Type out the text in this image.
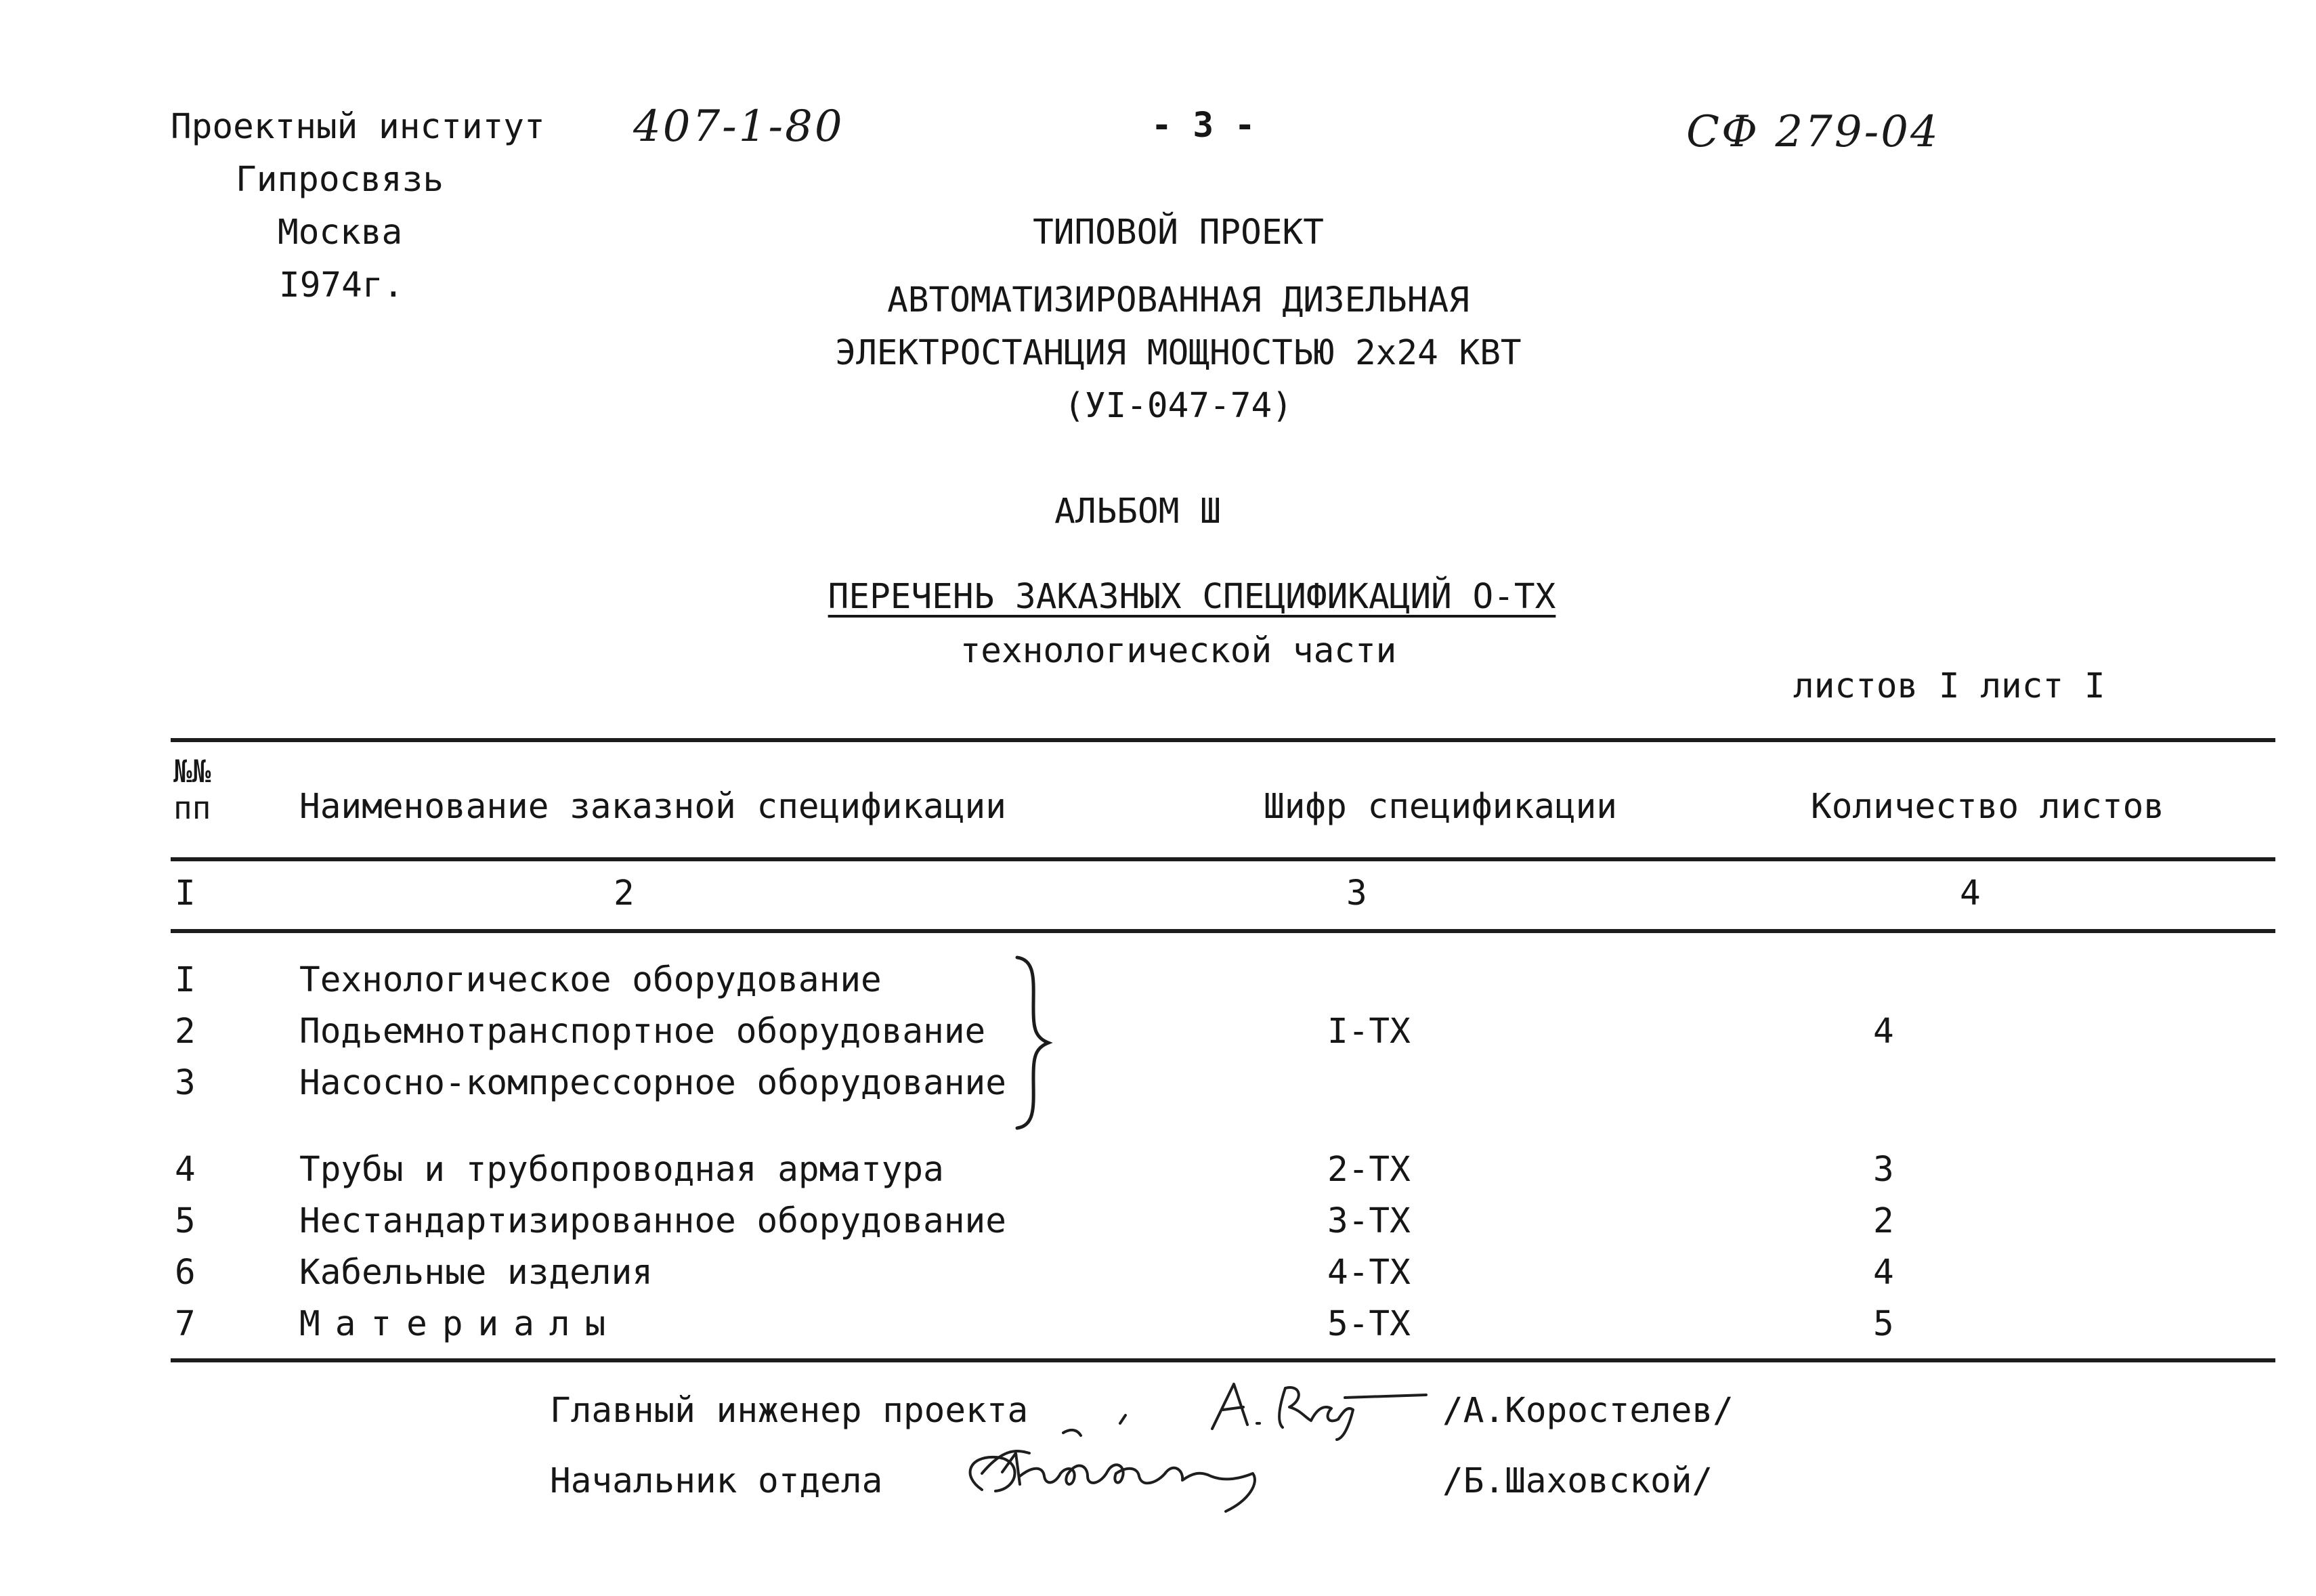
Проектный институт
Гипросвязь
Москва
I974г.
407-1-80	- 3 -	СФ 279-04
ТИПОВОЙ ПРОЕКТ
АВТОМАТИЗИРОВАННАЯ ДИЗЕЛЬНАЯ
ЭЛЕКТРОСТАНЦИЯ МОЩНОСТЬЮ 2х24 КВТ
(УI-047-74)
АЛЬБОМ Ш
ПЕРЕЧЕНЬ ЗАКАЗНЫХ СПЕЦИФИКАЦИЙ О-ТХ
технологической части
листов I лист I
№№
пп	Наименование заказной спецификации	Шифр спецификации	Количество листов
I	2	3	4
I	Технологическое оборудование
2	Подьемнотранспортное оборудование	I-ТХ	4
3	Насосно-компрессорное оборудование
4	Трубы и трубопроводная арматура	2-ТХ	3
5	Нестандартизированное оборудование	3-ТХ	2
6	Кабельные изделия	4-ТХ	4
7	Материалы	5-ТХ	5
Главный инженер проекта	/А.Коростелев/
Начальник отдела	/Б.Шаховской/
